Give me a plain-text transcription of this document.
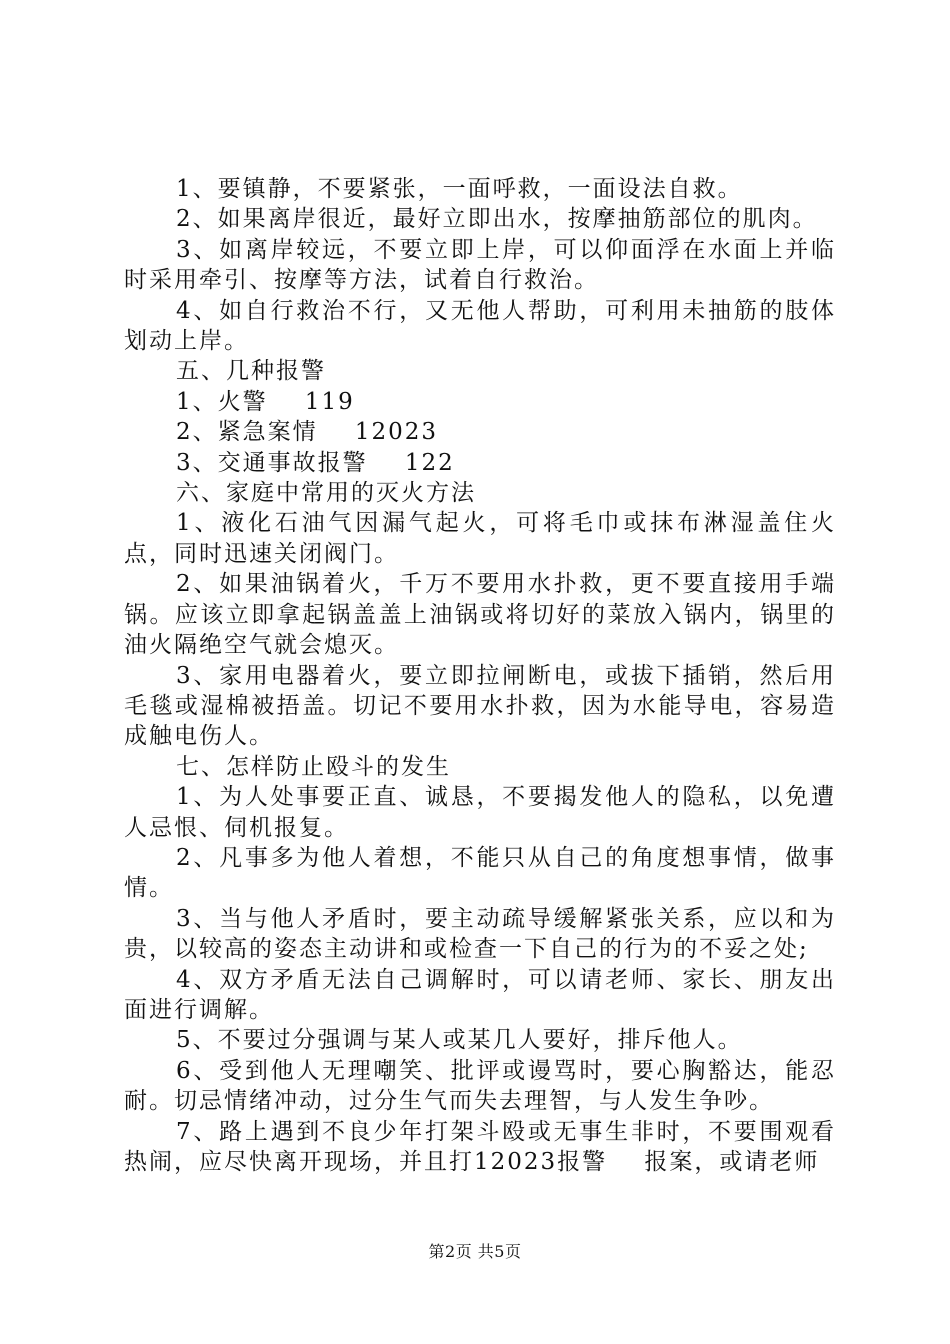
1、要镇静，不要紧张，一面呼救，一面设法自救。

2、如果离岸很近，最好立即出水，按摩抽筋部位的肌肉。

3、如离岸较远，不要立即上岸，可以仰面浮在水面上并临时采用牵引、按摩等方法，试着自行救治。

4、如自行救治不行，又无他人帮助，可利用未抽筋的肢体划动上岸。

五、几种报警

1、火警    119

2、紧急案情    12023

3、交通事故报警    122

六、家庭中常用的灭火方法

1、液化石油气因漏气起火，可将毛巾或抹布淋湿盖住火点，同时迅速关闭阀门。

2、如果油锅着火，千万不要用水扑救，更不要直接用手端锅。应该立即拿起锅盖盖上油锅或将切好的菜放入锅内，锅里的油火隔绝空气就会熄灭。

3、家用电器着火，要立即拉闸断电，或拔下插销，然后用毛毯或湿棉被捂盖。切记不要用水扑救，因为水能导电，容易造成触电伤人。

七、怎样防止殴斗的发生

1、为人处事要正直、诚恳，不要揭发他人的隐私，以免遭人忌恨、伺机报复。

2、凡事多为他人着想，不能只从自己的角度想事情，做事情。

3、当与他人矛盾时，要主动疏导缓解紧张关系，应以和为贵，以较高的姿态主动讲和或检查一下自己的行为的不妥之处;

4、双方矛盾无法自己调解时，可以请老师、家长、朋友出面进行调解。

5、不要过分强调与某人或某几人要好，排斥他人。

6、受到他人无理嘲笑、批评或谩骂时，要心胸豁达，能忍耐。切忌情绪冲动，过分生气而失去理智，与人发生争吵。

7、路上遇到不良少年打架斗殴或无事生非时，不要围观看热闹，应尽快离开现场，并且打12023报警    报案，或请老师

第2页 共5页
